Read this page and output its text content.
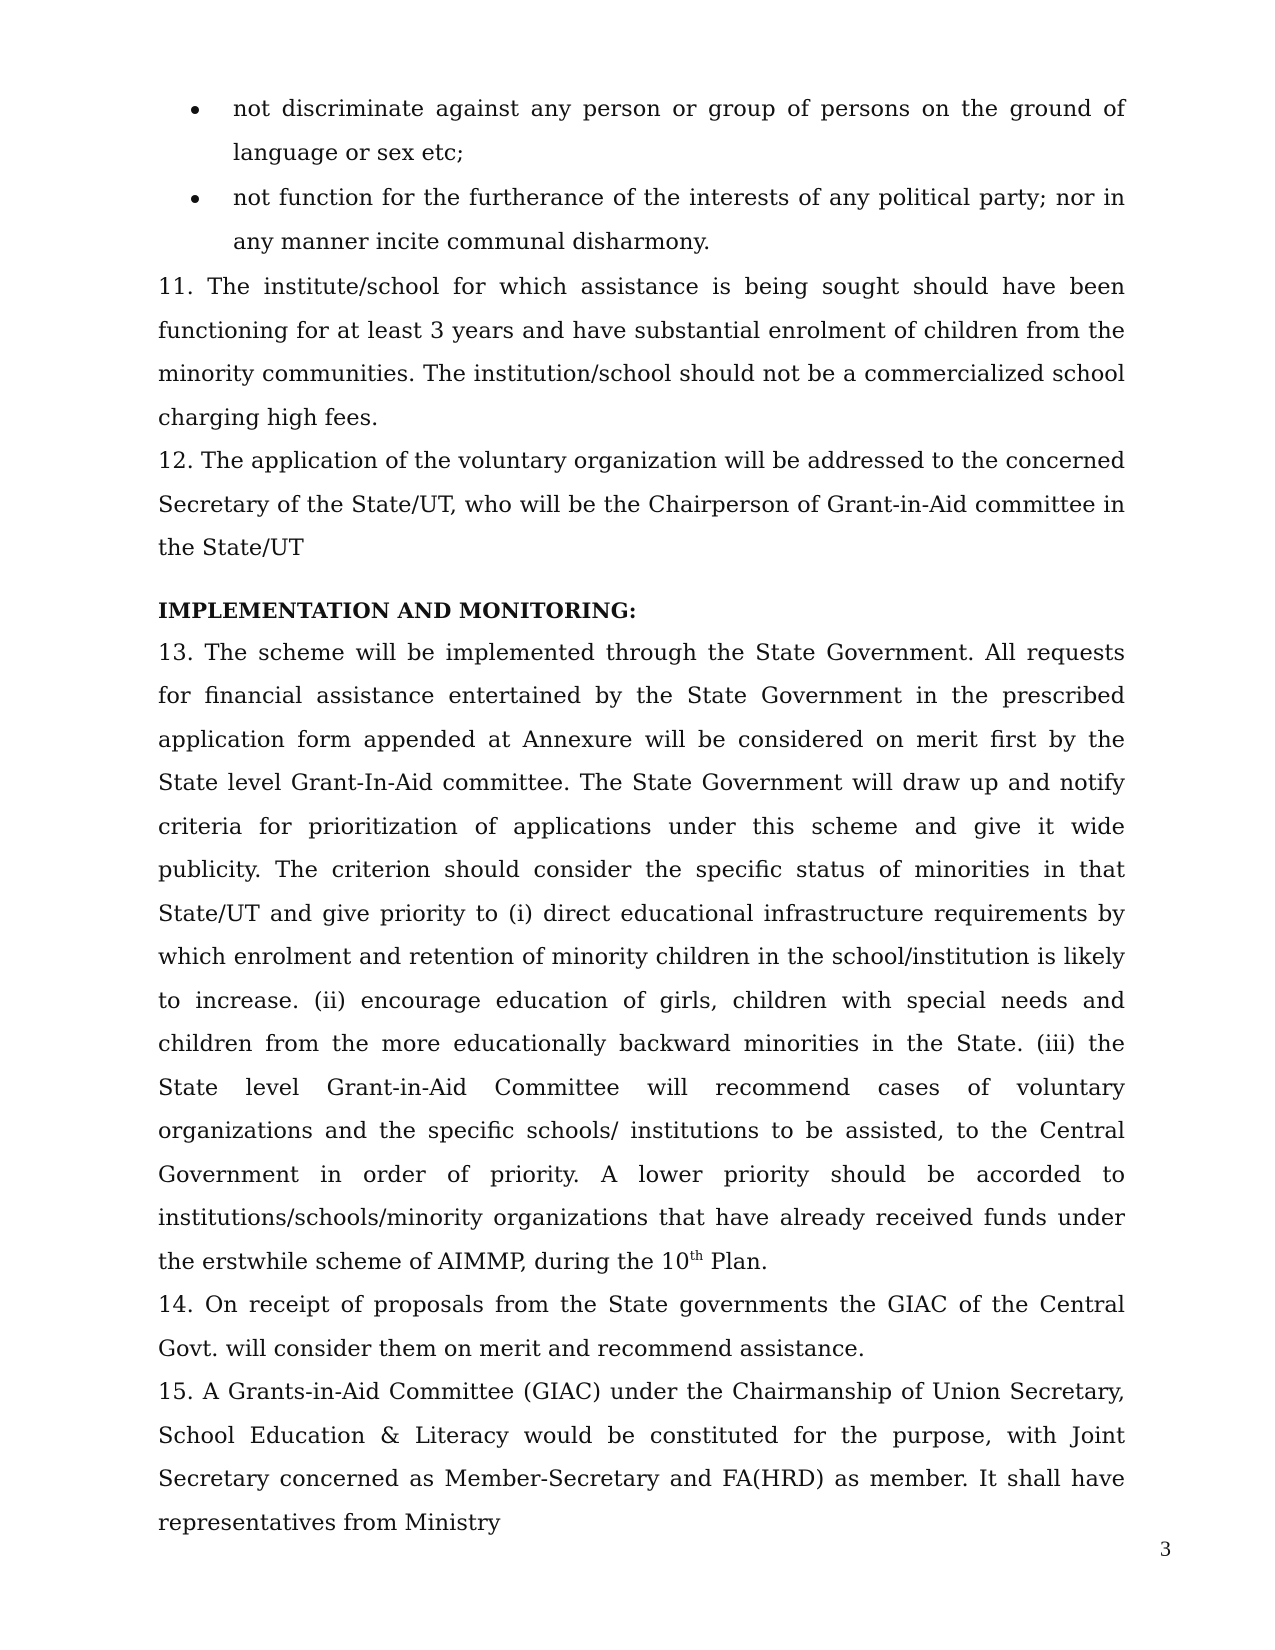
not discriminate against any person or group of persons on the ground of language or sex etc;
not function for the furtherance of the interests of any political party; nor in any manner incite communal disharmony.

11. The institute/school for which assistance is being sought should have been functioning for at least 3 years and have substantial enrolment of children from the minority communities. The institution/school should not be a commercialized school charging high fees.

12. The application of the voluntary organization will be addressed to the concerned Secretary of the State/UT, who will be the Chairperson of Grant-in-Aid committee in the State/UT

IMPLEMENTATION AND MONITORING:

13. The scheme will be implemented through the State Government. All requests for financial assistance entertained by the State Government in the prescribed application form appended at Annexure will be considered on merit first by the State level Grant-In-Aid committee. The State Government will draw up and notify criteria for prioritization of applications under this scheme and give it wide publicity. The criterion should consider the specific status of minorities in that State/UT and give priority to (i) direct educational infrastructure requirements by which enrolment and retention of minority children in the school/institution is likely to increase. (ii) encourage education of girls, children with special needs and children from the more educationally backward minorities in the State. (iii) the State level Grant-in-Aid Committee will recommend cases of voluntary organizations and the specific schools/ institutions to be assisted, to the Central Government in order of priority. A lower priority should be accorded to institutions/schools/minority organizations that have already received funds under the erstwhile scheme of AIMMP, during the 10th Plan.

14. On receipt of proposals from the State governments the GIAC of the Central Govt. will consider them on merit and recommend assistance.

15. A Grants-in-Aid Committee (GIAC) under the Chairmanship of Union Secretary, School Education & Literacy would be constituted for the purpose, with Joint Secretary concerned as Member-Secretary and FA(HRD) as member. It shall have representatives from Ministry

3
